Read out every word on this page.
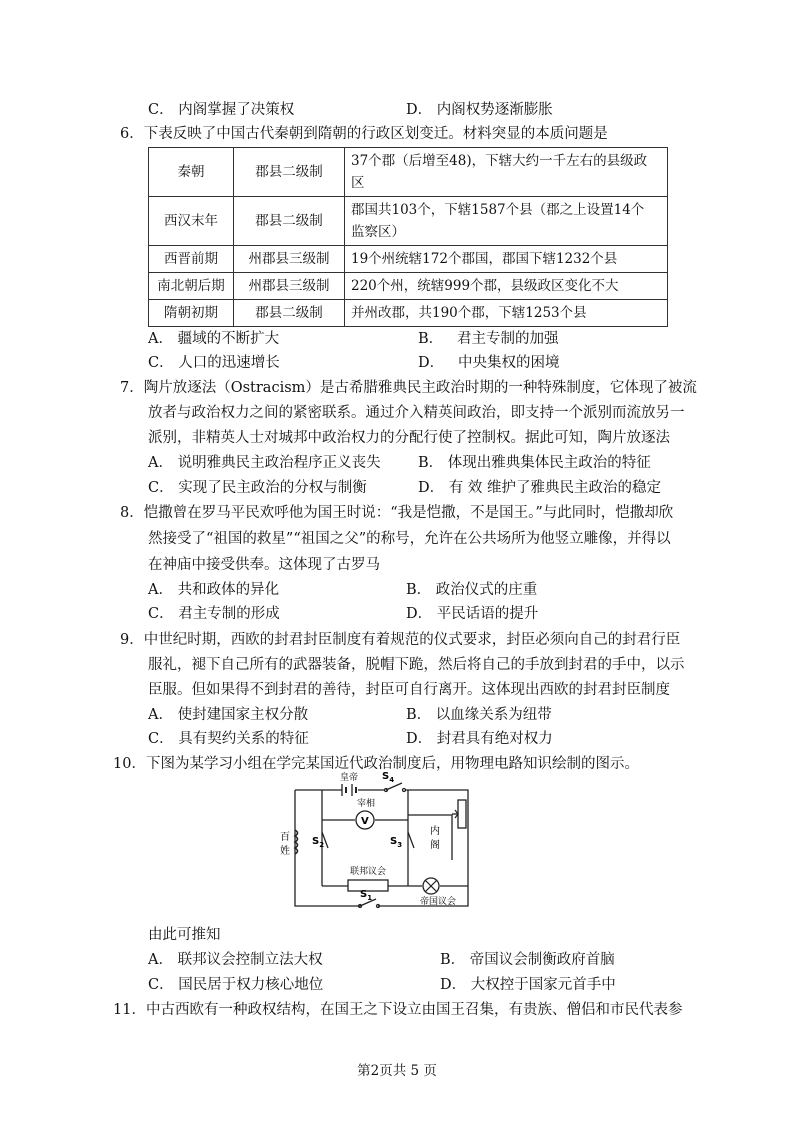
C． 内阁掌握了决策权	D． 内阁权势逐渐膨胀
6．下表反映了中国古代秦朝到隋朝的行政区划变迁。材料突显的本质问题是
秦朝	郡县二级制	37个郡（后增至48)，下辖大约一千左右的县级政
区
西汉末年	郡县二级制	郡国共103个，下辖1587个县（郡之上设置14个
监察区）
西晋前期	州郡县三级制	19个州统辖172个郡国，郡国下辖1232个县
南北朝后期	州郡县三级制	220个州，统辖999个郡，县级政区变化不大
隋朝初期	郡县二级制	并州改郡，共190个郡，下辖1253个县
A． 疆域的不断扩大	B．   君主专制的加强
C． 人口的迅速增长	D．   中央集权的困境
7．陶片放逐法（Ostracism）是古希腊雅典民主政治时期的一种特殊制度，它体现了被流
放者与政治权力之间的紧密联系。通过介入精英间政治，即支持一个派别而流放另一
派别，非精英人士对城邦中政治权力的分配行使了控制权。据此可知，陶片放逐法
A． 说明雅典民主政治程序正义丧失	B． 体现出雅典集体民主政治的特征
C． 实现了民主政治的分权与制衡	D． 有 效 维护了雅典民主政治的稳定
8．恺撒曾在罗马平民欢呼他为国王时说：“我是恺撒，不是国王。”与此同时，恺撒却欣
然接受了“祖国的救星”“祖国之父”的称号，允许在公共场所为他竖立雕像，并得以
在神庙中接受供奉。这体现了古罗马
A． 共和政体的异化	B． 政治仪式的庄重
C． 君主专制的形成	D． 平民话语的提升
9．中世纪时期，西欧的封君封臣制度有着规范的仪式要求，封臣必须向自己的封君行臣
服礼，褪下自己所有的武器装备，脱帽下跪，然后将自己的手放到封君的手中，以示
臣服。但如果得不到封君的善待，封臣可自行离开。这体现出西欧的封君封臣制度
A． 使封建国家主权分散	B． 以血缘关系为纽带
C． 具有契约关系的特征	D． 封君具有绝对权力
10．下图为某学习小组在学完某国近代政治制度后，用物理电路知识绘制的图示。
皇帝 $S_4$
宰相
V
百
姓
$S_2$	$S_3$
内
阁
联邦议会
帝国议会
$S_1$
由此可推知
A． 联邦议会控制立法大权	B． 帝国议会制衡政府首脑
C． 国民居于权力核心地位	D． 大权控于国家元首手中
11．中古西欧有一种政权结构，在国王之下设立由国王召集，有贵族、僧侣和市民代表参
第2页共 5 页
